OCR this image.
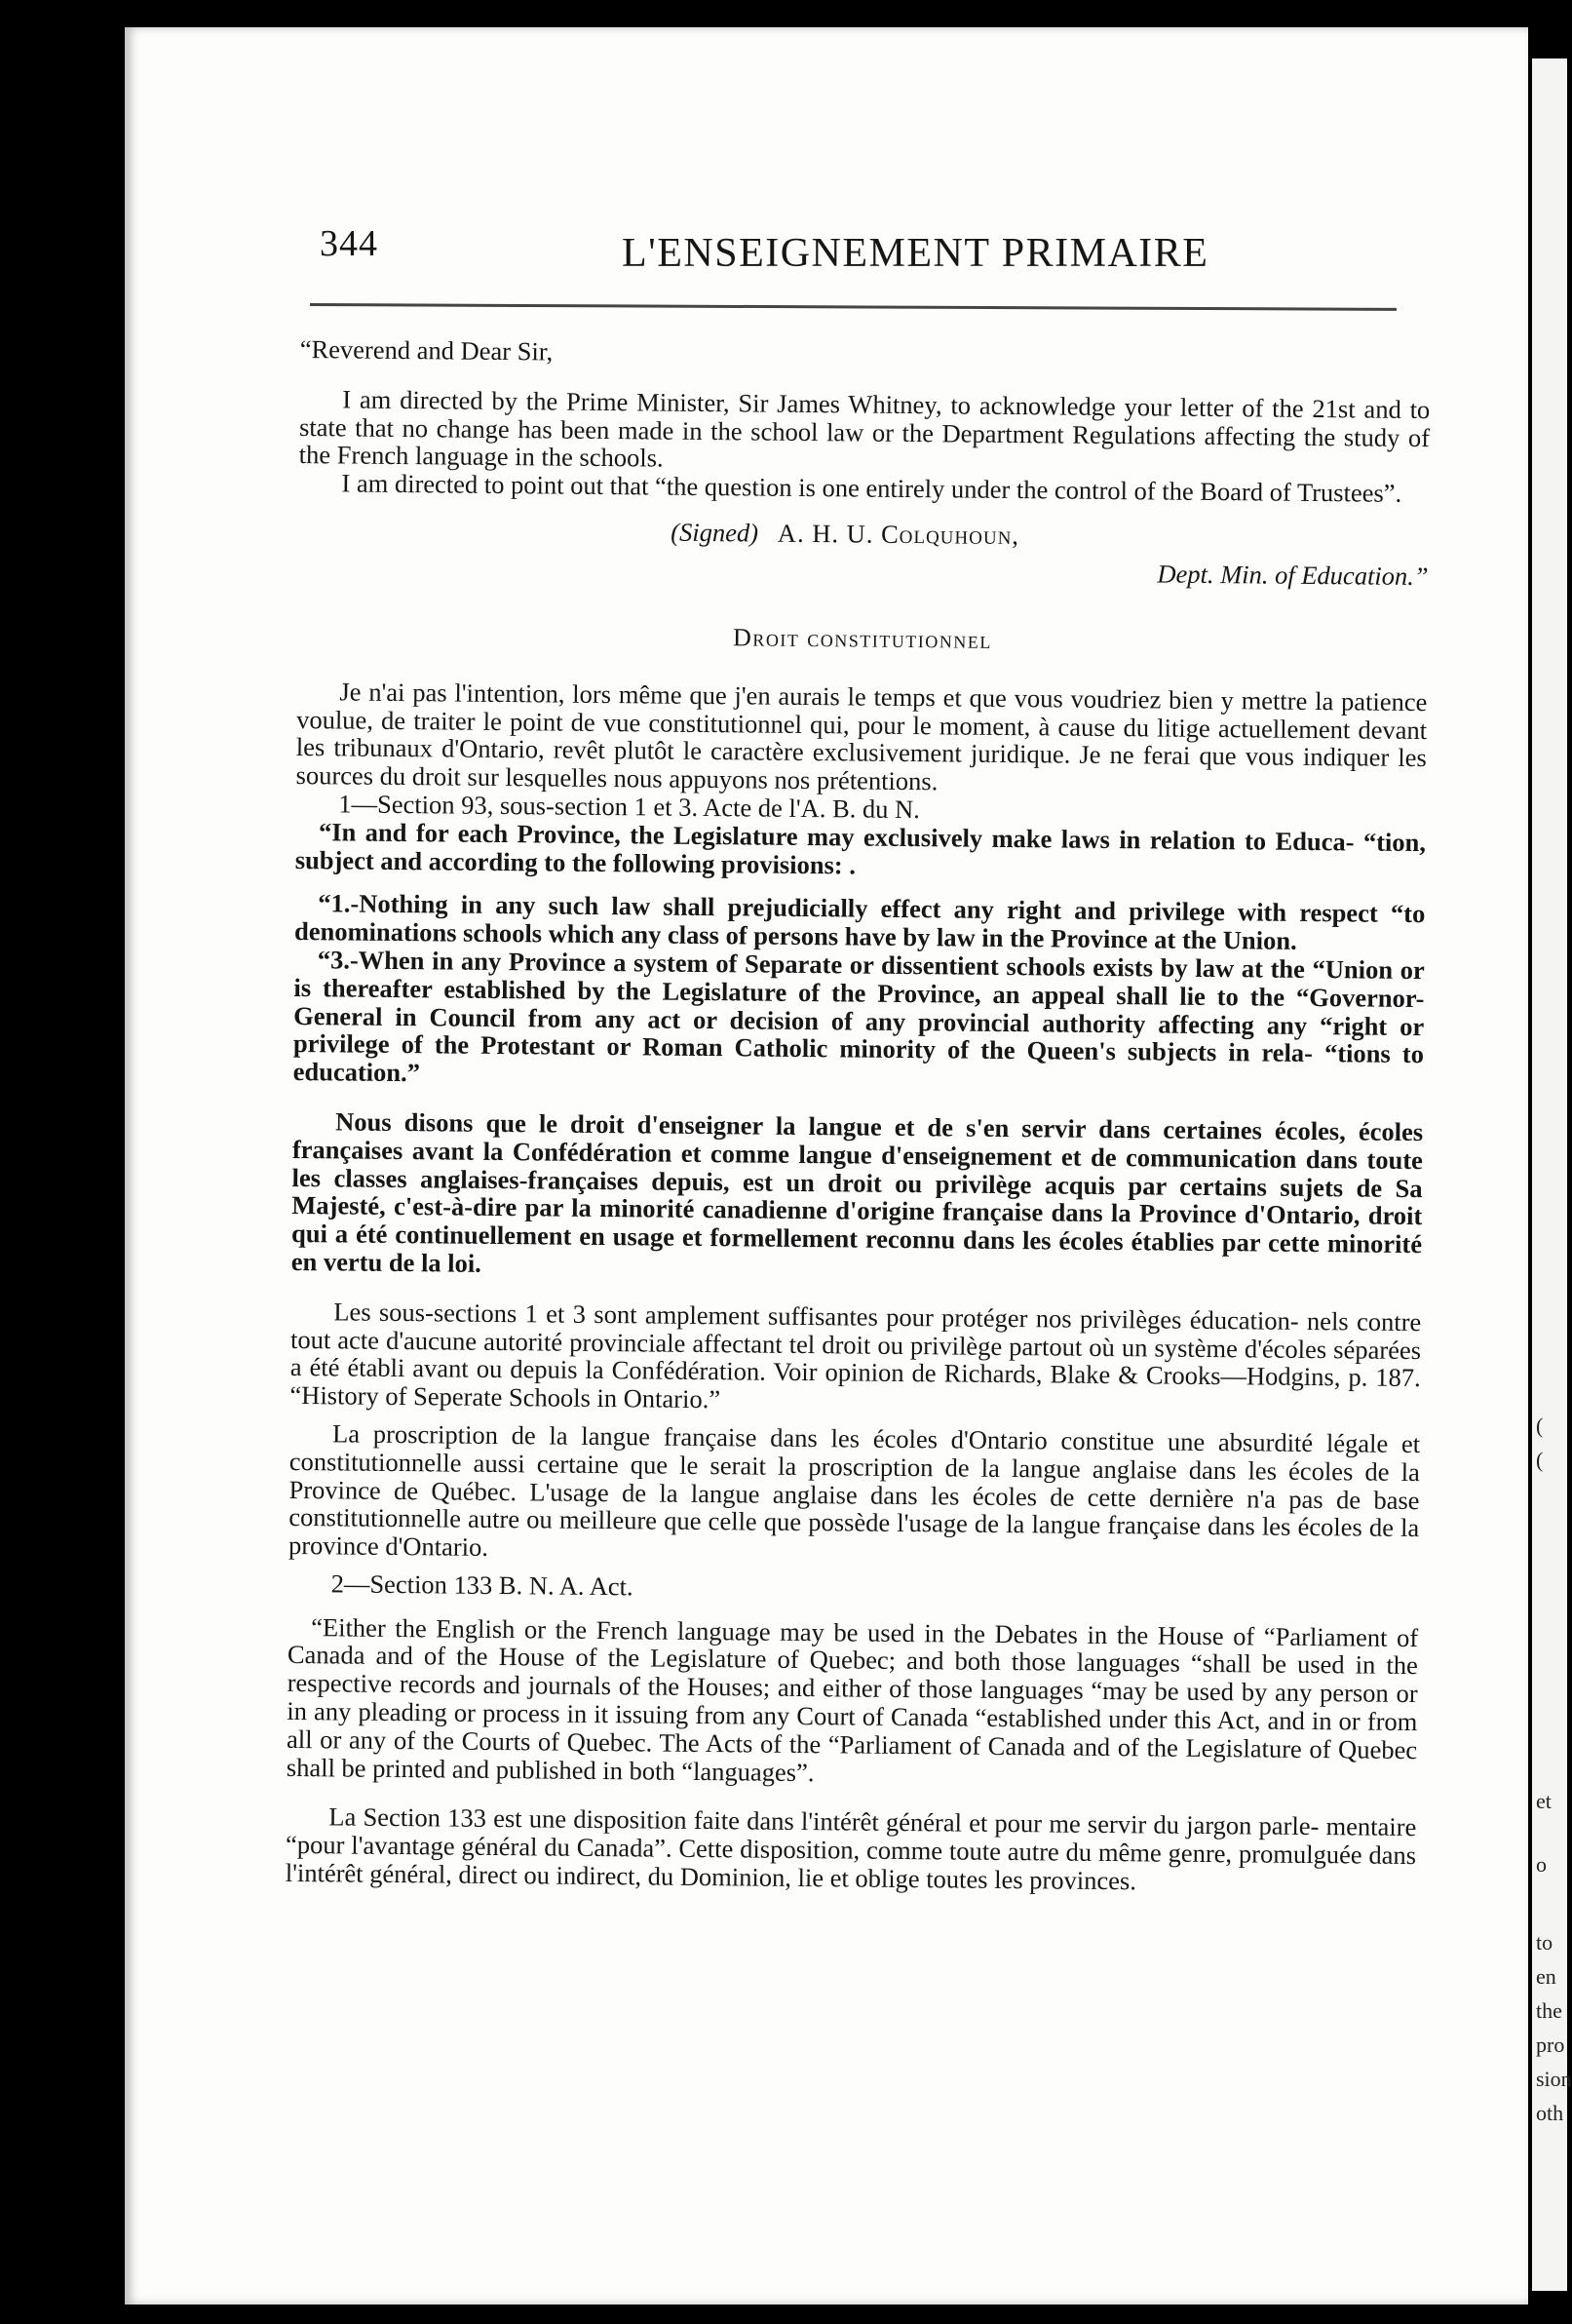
344	L'ENSEIGNEMENT PRIMAIRE

“Reverend and Dear Sir,

I am directed by the Prime Minister, Sir James Whitney, to acknowledge your letter of the 21st and to state that no change has been made in the school law or the Department Regulations affecting the study of the French language in the schools.

I am directed to point out that “the question is one entirely under the control of the Board of Trustees”.

(Signed) A. H. U. Colquhoun,
Dept. Min. of Education.”
Droit constitutionnel

Je n'ai pas l'intention, lors même que j'en aurais le temps et que vous voudriez bien y mettre la patience voulue, de traiter le point de vue constitutionnel qui, pour le moment, à cause du litige actuellement devant les tribunaux d'Ontario, revêt plutôt le caractère exclusivement juridique. Je ne ferai que vous indiquer les sources du droit sur lesquelles nous appuyons nos prétentions.

1—Section 93, sous-section 1 et 3. Acte de l'A. B. du N.

“In and for each Province, the Legislature may exclusively make laws in relation to Educa- “tion, subject and according to the following provisions: .

“1.-Nothing in any such law shall prejudicially effect any right and privilege with respect “to denominations schools which any class of persons have by law in the Province at the Union.

“3.-When in any Province a system of Separate or dissentient schools exists by law at the “Union or is thereafter established by the Legislature of the Province, an appeal shall lie to the “Governor-General in Council from any act or decision of any provincial authority affecting any “right or privilege of the Protestant or Roman Catholic minority of the Queen's subjects in rela- “tions to education.”

Nous disons que le droit d'enseigner la langue et de s'en servir dans certaines écoles, écoles françaises avant la Confédération et comme langue d'enseignement et de communication dans toute les classes anglaises-françaises depuis, est un droit ou privilège acquis par certains sujets de Sa Majesté, c'est-à-dire par la minorité canadienne d'origine française dans la Province d'Ontario, droit qui a été continuellement en usage et formellement reconnu dans les écoles établies par cette minorité en vertu de la loi.

Les sous-sections 1 et 3 sont amplement suffisantes pour protéger nos privilèges éducation- nels contre tout acte d'aucune autorité provinciale affectant tel droit ou privilège partout où un système d'écoles séparées a été établi avant ou depuis la Confédération. Voir opinion de Richards, Blake & Crooks—Hodgins, p. 187. “History of Seperate Schools in Ontario.”

La proscription de la langue française dans les écoles d'Ontario constitue une absurdité légale et constitutionnelle aussi certaine que le serait la proscription de la langue anglaise dans les écoles de la Province de Québec. L'usage de la langue anglaise dans les écoles de cette dernière n'a pas de base constitutionnelle autre ou meilleure que celle que possède l'usage de la langue française dans les écoles de la province d'Ontario.

2—Section 133 B. N. A. Act.

“Either the English or the French language may be used in the Debates in the House of “Parliament of Canada and of the House of the Legislature of Quebec; and both those languages “shall be used in the respective records and journals of the Houses; and either of those languages “may be used by any person or in any pleading or process in it issuing from any Court of Canada “established under this Act, and in or from all or any of the Courts of Quebec. The Acts of the “Parliament of Canada and of the Legislature of Quebec shall be printed and published in both “languages”.

La Section 133 est une disposition faite dans l'intérêt général et pour me servir du jargon parle- mentaire “pour l'avantage général du Canada”. Cette disposition, comme toute autre du même genre, promulguée dans l'intérêt général, direct ou indirect, du Dominion, lie et oblige toutes les provinces.

(
(
et
o
to
en
the
pro
sion
oth
